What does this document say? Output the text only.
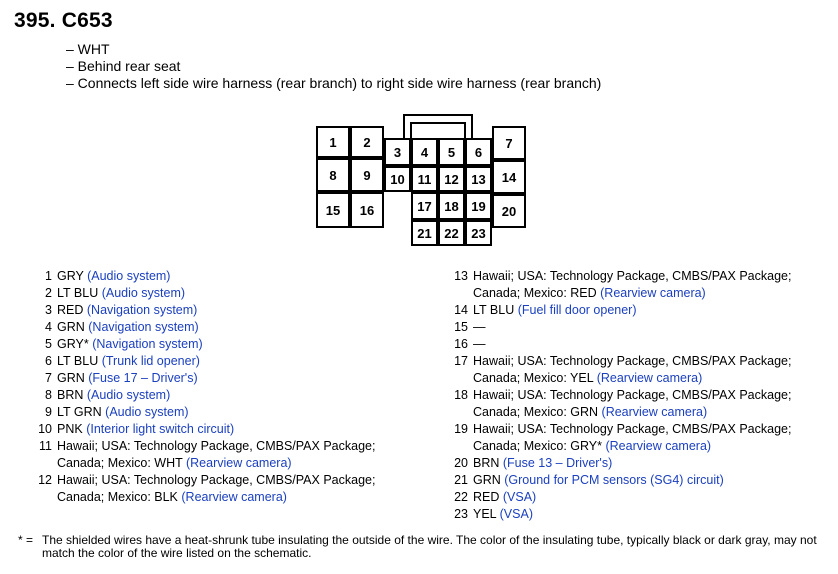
395. C653
– WHT
– Behind rear seat
– Connects left side wire harness (rear branch) to right side wire harness (rear branch)
1	2
3	4	5	6
7
8	9	10 11 12 13	14
15	16	17 18 19	20
21 22 23
1 GRY (Audio system)
2 LT BLU (Audio system)
3 RED (Navigation system)
4 GRN (Navigation system)
5 GRY* (Navigation system)
6 LT BLU (Trunk lid opener)
7 GRN (Fuse 17 – Driver's)
8 BRN (Audio system)
9 LT GRN (Audio system)
10 PNK (Interior light switch circuit)
11 Hawaii; USA: Technology Package, CMBS/PAX Package;
Canada; Mexico: WHT (Rearview camera)
12 Hawaii; USA: Technology Package, CMBS/PAX Package;
Canada; Mexico: BLK (Rearview camera)
13 Hawaii; USA: Technology Package, CMBS/PAX Package;
Canada; Mexico: RED (Rearview camera)
14 LT BLU (Fuel fill door opener)
15 —
16 —
17 Hawaii; USA: Technology Package, CMBS/PAX Package;
Canada; Mexico: YEL (Rearview camera)
18 Hawaii; USA: Technology Package, CMBS/PAX Package;
Canada; Mexico: GRN (Rearview camera)
19 Hawaii; USA: Technology Package, CMBS/PAX Package;
Canada; Mexico: GRY* (Rearview camera)
20 BRN (Fuse 13 – Driver's)
21 GRN (Ground for PCM sensors (SG4) circuit)
22 RED (VSA)
23 YEL (VSA)
* = The shielded wires have a heat-shrunk tube insulating the outside of the wire. The color of the insulating tube, typically black or dark gray, may not match the color of the wire listed on the schematic.
